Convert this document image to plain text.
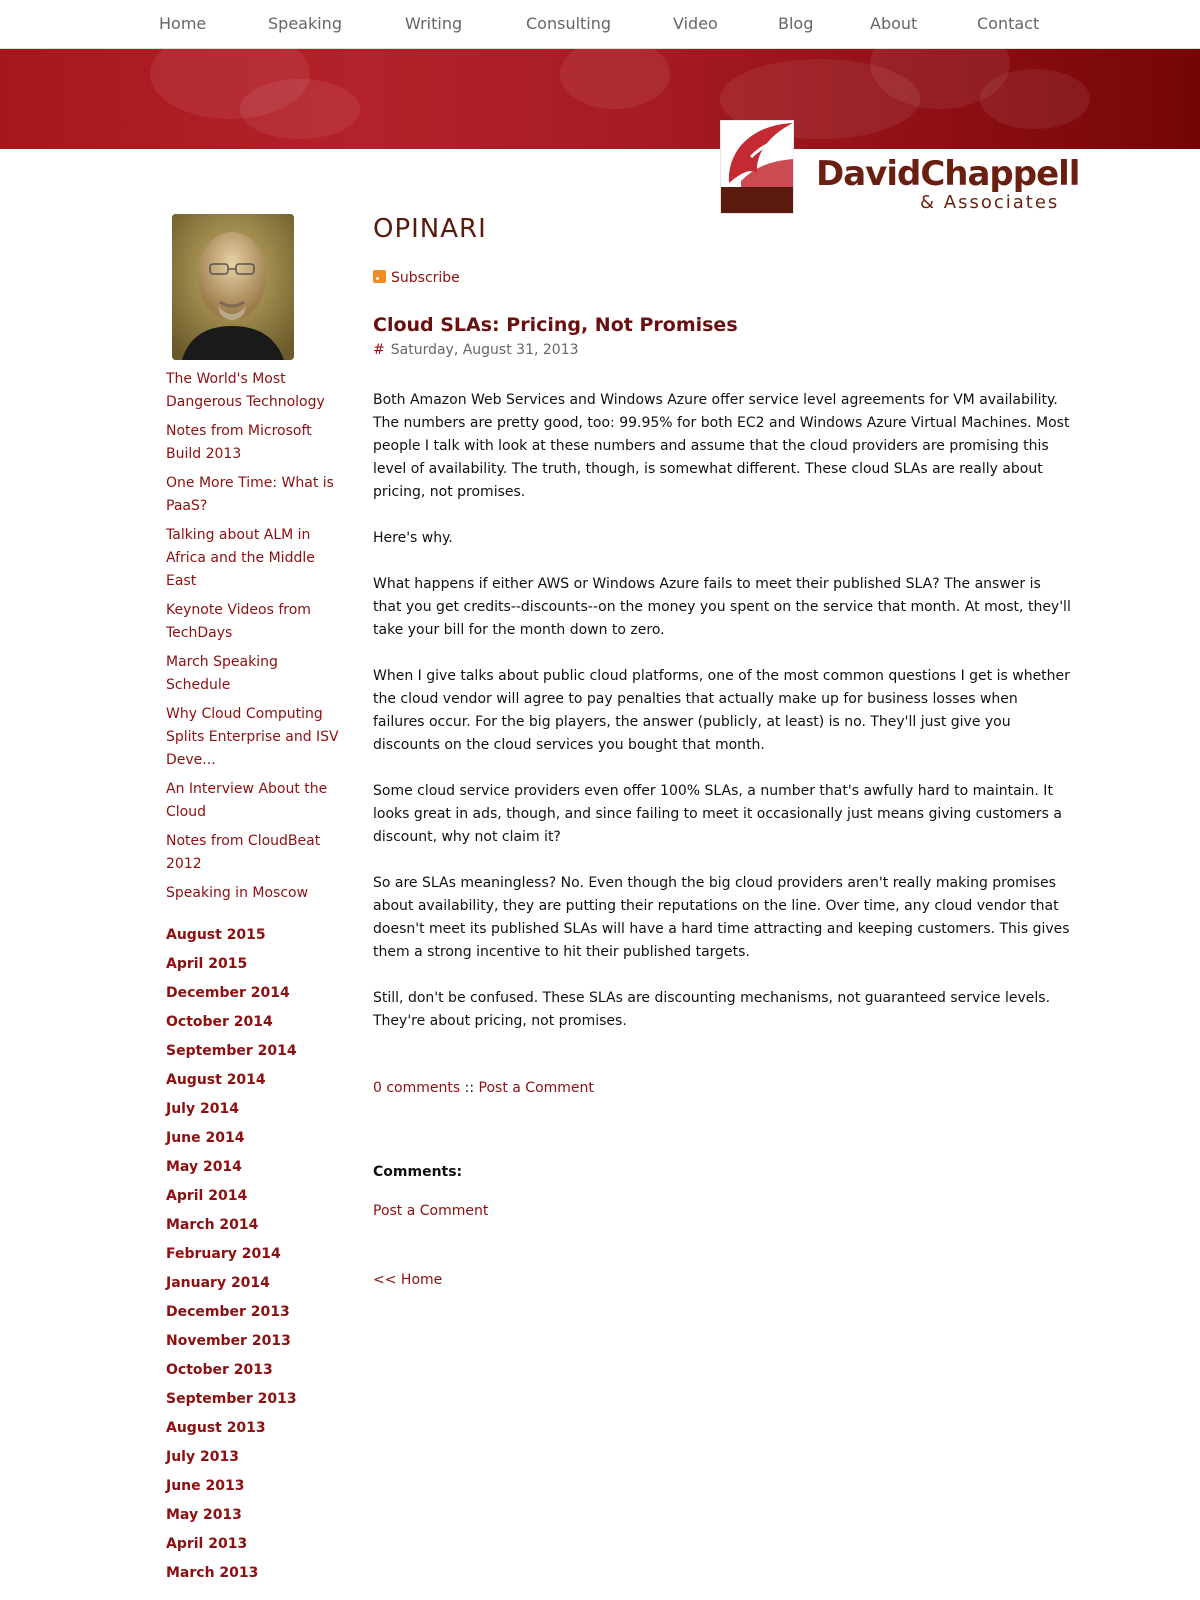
Home	Speaking	Writing	Consulting	Video	Blog	About	Contact
DavidChappell
& Associates
The World's Most Dangerous Technology
Notes from Microsoft Build 2013
One More Time: What is PaaS?
Talking about ALM in Africa and the Middle East
Keynote Videos from TechDays
March Speaking Schedule
Why Cloud Computing Splits Enterprise and ISV Deve...
An Interview About the Cloud
Notes from CloudBeat 2012
Speaking in Moscow
August 2015
April 2015
December 2014
October 2014
September 2014
August 2014
July 2014
June 2014
May 2014
April 2014
March 2014
February 2014
January 2014
December 2013
November 2013
October 2013
September 2013
August 2013
July 2013
June 2013
May 2013
April 2013
March 2013
OPINARI
Subscribe
Cloud SLAs: Pricing, Not Promises
# Saturday, August 31, 2013

Both Amazon Web Services and Windows Azure offer service level agreements for VM availability. The numbers are pretty good, too: 99.95% for both EC2 and Windows Azure Virtual Machines. Most people I talk with look at these numbers and assume that the cloud providers are promising this level of availability. The truth, though, is somewhat different. These cloud SLAs are really about pricing, not promises.

Here's why.

What happens if either AWS or Windows Azure fails to meet their published SLA? The answer is that you get credits--discounts--on the money you spent on the service that month. At most, they'll take your bill for the month down to zero.

When I give talks about public cloud platforms, one of the most common questions I get is whether the cloud vendor will agree to pay penalties that actually make up for business losses when failures occur. For the big players, the answer (publicly, at least) is no. They'll just give you discounts on the cloud services you bought that month.

Some cloud service providers even offer 100% SLAs, a number that's awfully hard to maintain. It looks great in ads, though, and since failing to meet it occasionally just means giving customers a discount, why not claim it?

So are SLAs meaningless? No. Even though the big cloud providers aren't really making promises about availability, they are putting their reputations on the line. Over time, any cloud vendor that doesn't meet its published SLAs will have a hard time attracting and keeping customers. This gives them a strong incentive to hit their published targets.

Still, don't be confused. These SLAs are discounting mechanisms, not guaranteed service levels. They're about pricing, not promises.

0 comments :: Post a Comment
Comments:
Post a Comment
<< Home
